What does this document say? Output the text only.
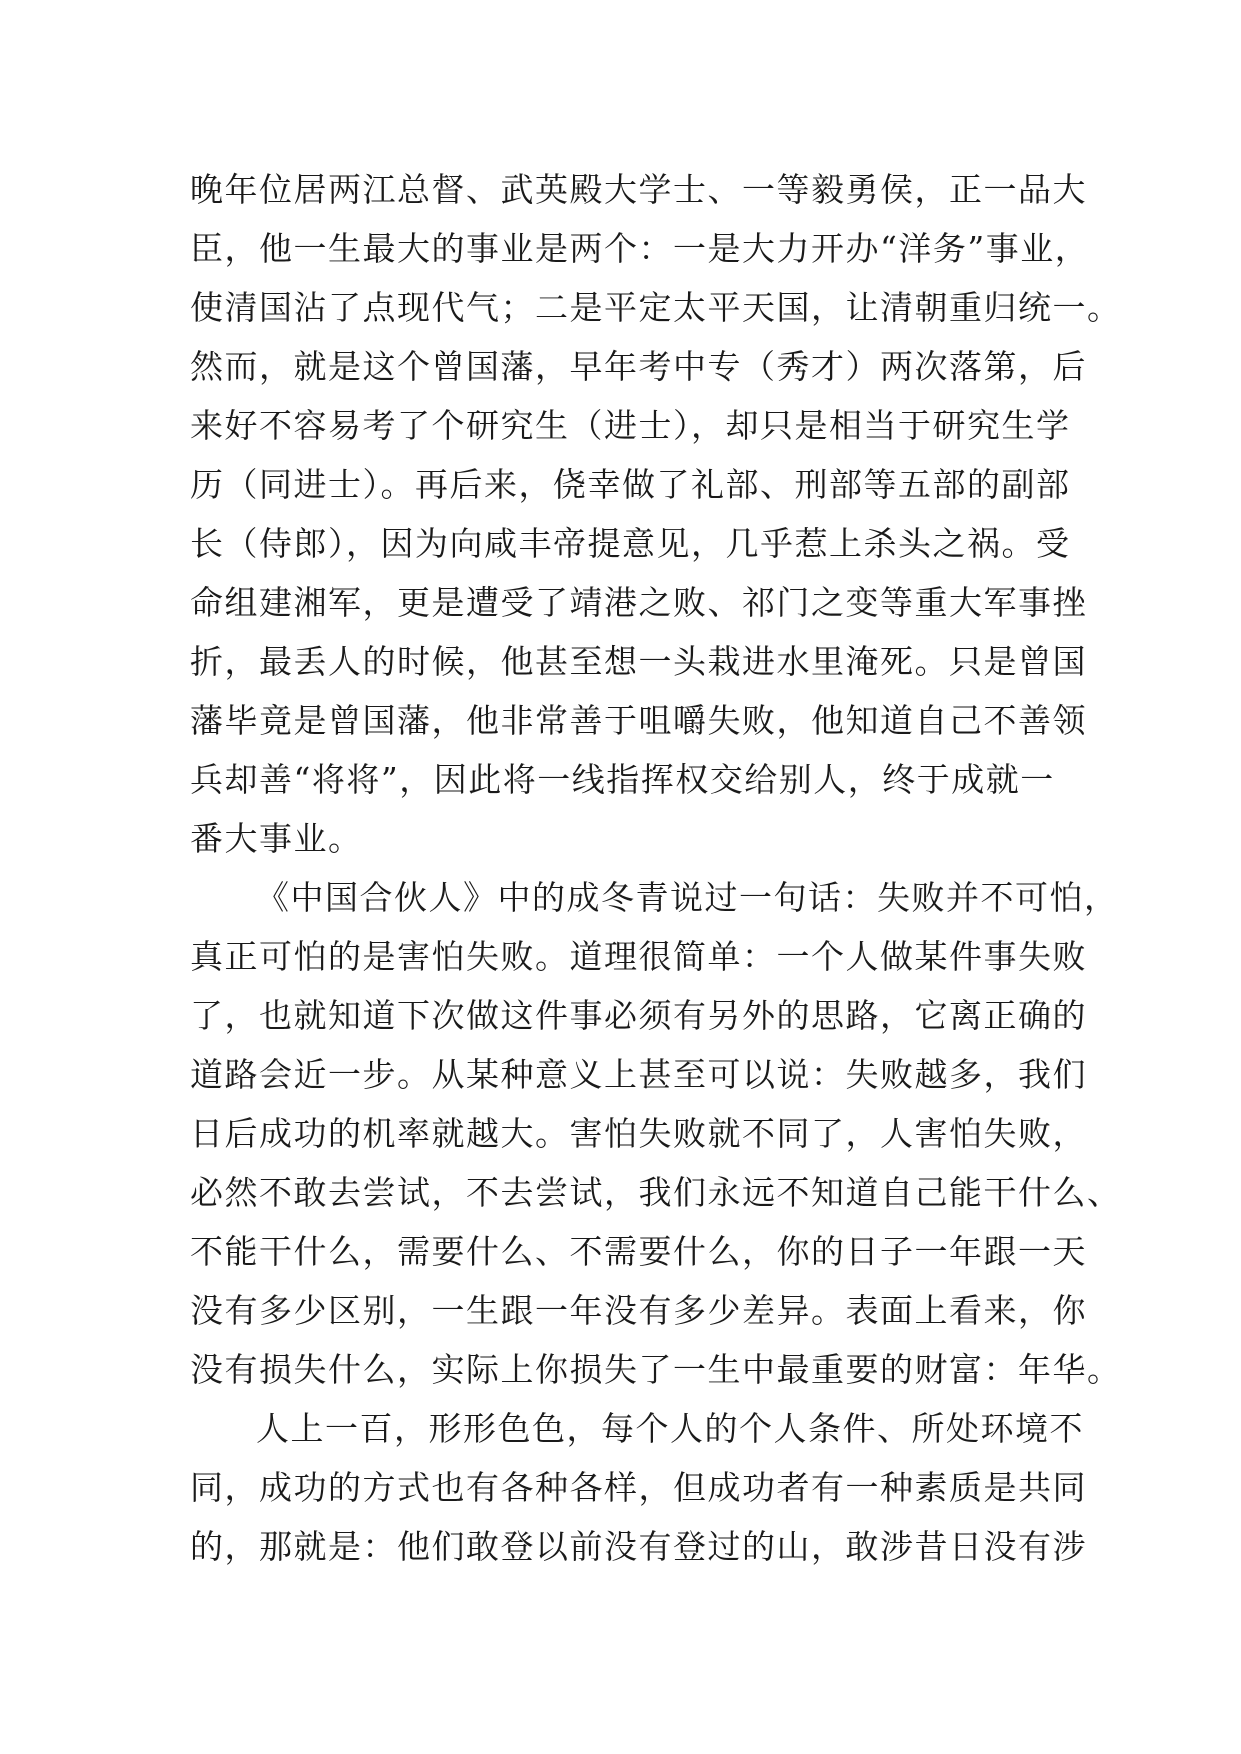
晚年位居两江总督、武英殿大学士、一等毅勇侯，正一品大
臣，他一生最大的事业是两个：一是大力开办“洋务”事业，
使清国沾了点现代气；二是平定太平天国，让清朝重归统一。
然而，就是这个曾国藩，早年考中专（秀才）两次落第，后
来好不容易考了个研究生（进士），却只是相当于研究生学
历（同进士）。再后来，侥幸做了礼部、刑部等五部的副部
长（侍郎），因为向咸丰帝提意见，几乎惹上杀头之祸。受
命组建湘军，更是遭受了靖港之败、祁门之变等重大军事挫
折，最丢人的时候，他甚至想一头栽进水里淹死。只是曾国
藩毕竟是曾国藩，他非常善于咀嚼失败，他知道自己不善领
兵却善“将将”，因此将一线指挥权交给别人，终于成就一
番大事业。
《中国合伙人》中的成冬青说过一句话：失败并不可怕，
真正可怕的是害怕失败。道理很简单：一个人做某件事失败
了，也就知道下次做这件事必须有另外的思路，它离正确的
道路会近一步。从某种意义上甚至可以说：失败越多，我们
日后成功的机率就越大。害怕失败就不同了，人害怕失败，
必然不敢去尝试，不去尝试，我们永远不知道自己能干什么、
不能干什么，需要什么、不需要什么，你的日子一年跟一天
没有多少区别，一生跟一年没有多少差异。表面上看来，你
没有损失什么，实际上你损失了一生中最重要的财富：年华。
人上一百，形形色色，每个人的个人条件、所处环境不
同，成功的方式也有各种各样，但成功者有一种素质是共同
的，那就是：他们敢登以前没有登过的山，敢涉昔日没有涉
